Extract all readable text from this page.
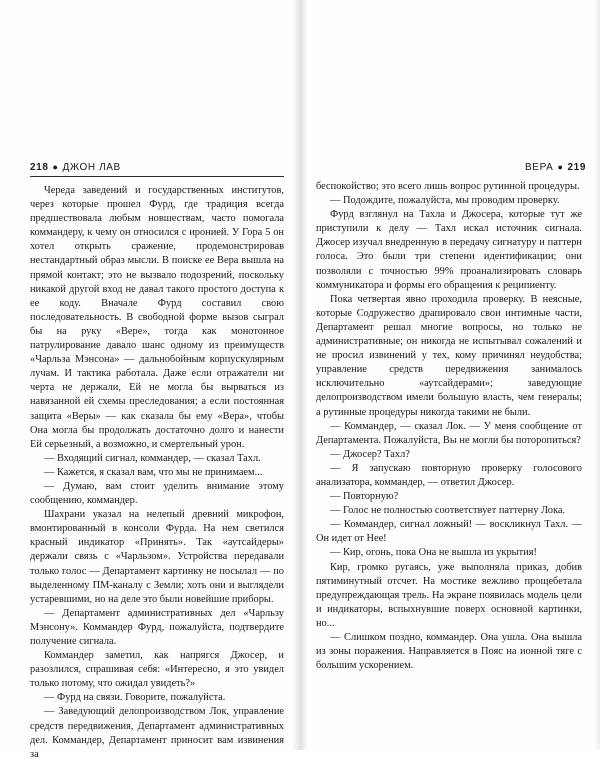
218 ● ДЖОН ЛАВ

Череда заведений и государственных институтов, через которые прошел Фурд, где традиция всегда предшествовала любым новшествам, часто помогала коммандеру, к чему он относился с иронией. У Гора 5 он хотел открыть сражение, продемонстрировав нестандартный образ мысли. В поиске ее Вера вышла на прямой контакт; это не вызвало подозрений, поскольку никакой другой вход не давал такого простого доступа к ее коду. Вначале Фурд составил свою последовательность. В свободной форме вызов сыграл бы на руку «Вере», тогда как монотонное патрулирование давало шанс одному из преимуществ «Чарльза Мэнсона» — дальнобойным корпускулярным лучам. И тактика работала. Даже если отражатели ни черта не держали, Ей не могла бы вырваться из навязанной ей схемы преследования; а если постоянная защита «Веры» — как сказала бы ему «Вера», чтобы Она могла бы продолжать достаточно долго и нанести Ей серьезный, а возможно, и смертельный урон.

— Входящий сигнал, коммандер, — сказал Тахл.

— Кажется, я сказал вам, что мы не принимаем...

— Думаю, вам стоит уделить внимание этому сообщению, коммандер.

Шахрани указал на нелепый древний микрофон, вмонтированный в консоли Фурда. На нем светился красный индикатор «Принять». Так «аутсайдеры» держали связь с «Чарльзом». Устройства передавали только голос — Департамент картинку не посылал — по выделенному ПМ-каналу с Земли; хоть они и выглядели устаревшими, но на деле это были новейшие приборы.

— Департамент административных дел «Чарльзу Мэнсону». Коммандер Фурд, пожалуйста, подтвердите получение сигнала.

Коммандер заметил, как напрягся Джосер, и разозлился, спрашивая себя: «Интересно, я это увидел только потому, что ожидал увидеть?»

— Фурд на связи. Говорите, пожалуйста.

— Заведующий делопроизводством Лок, управление средств передвижения, Департамент административных дел. Коммандер, Департамент приносит вам извинения за

ВЕРА ● 219

беспокойство; это всего лишь вопрос рутинной процедуры.

— Подождите, пожалуйста, мы проводим проверку.

Фурд взглянул на Тахла и Джосера, которые тут же приступили к делу — Тахл искал источник сигнала. Джосер изучал внедренную в передачу сигнатуру и паттерн голоса. Это были три степени идентификации; они позволяли с точностью 99% проанализировать словарь коммуникатора и формы его обращения к реципиенту.

Пока четвертая явно проходила проверку. В неясные, которые Содружество драпировало свои интимные части, Департамент решал многие вопросы, но только не административные; он никогда не испытывал сожалений и не просил извинений у тех, кому причинял неудобства; управление средств передвижения занималось исключительно «аутсайдерами»; заведующие делопроизводством имели большую власть, чем генералы; а рутинные процедуры никогда такими не были.

— Коммандер, — сказал Лок. — У меня сообщение от Департамента. Пожалуйста, Вы не могли бы поторопиться?

— Джосер? Тахл?

— Я запускаю повторную проверку голосового анализатора, коммандер, — ответил Джосер.

— Повторную?

— Голос не полностью соответствует паттерну Лока.

— Коммандер, сигнал ложный! — воскликнул Тахл. — Он идет от Нее!

— Кир, огонь, пока Она не вышла из укрытия!

Кир, громко ругаясь, уже выполняла приказ, добив пятиминутный отсчет. На мостике вежливо прощебетала предупреждающая трель. На экране появилась модель цели и индикаторы, вспыхнувшие поверх основной картинки, но...

— Слишком поздно, коммандер. Она ушла. Она вышла из зоны поражения. Направляется в Пояс на ионной тяге с большим ускорением.
